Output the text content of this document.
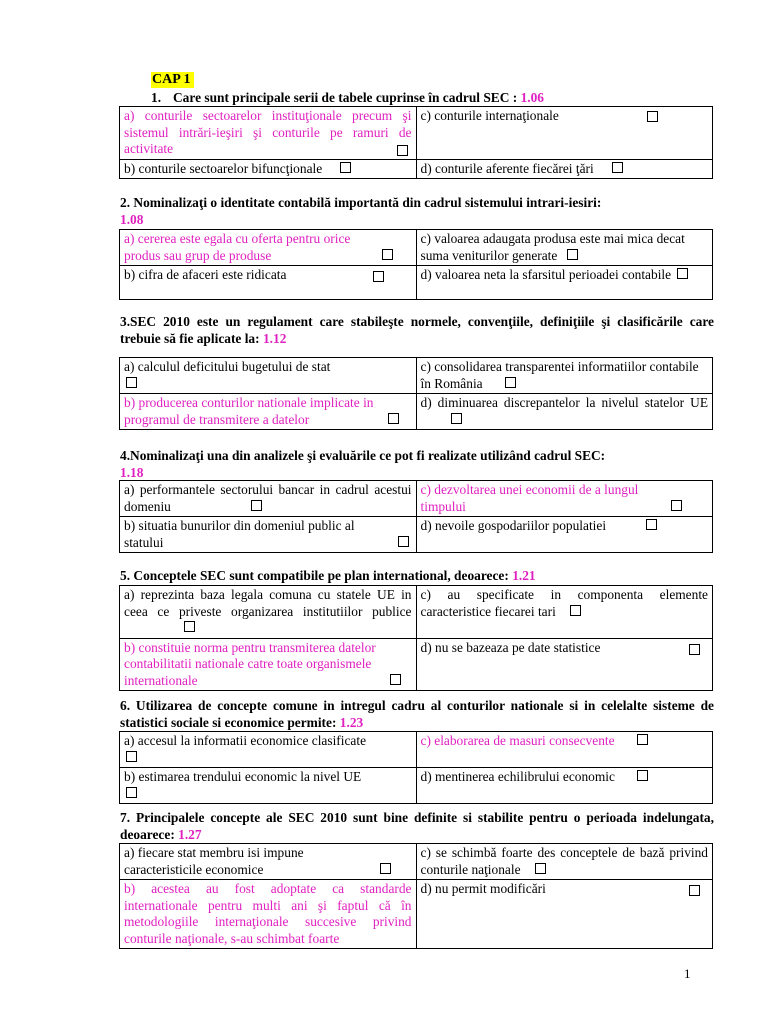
CAP 1
1. Care sunt principale serii de tabele cuprinse în cadrul SEC : 1.06
a) conturile sectoarelor instituţionale precum şi sistemul intrări-ieşiri şi conturile pe ramuri de activitate	c) conturile internaţionale

b) conturile sectoarelor bifuncţionale	d) conturile aferente fiecărei ţări
2. Nominalizaţi o identitate contabilă importantă din cadrul sistemului intrari-iesiri:
1.08
a) cererea este egala cu oferta pentru orice produs sau grup de produse	c) valoarea adaugata produsa este mai mica decat suma veniturilor generate
b) cifra de afaceri este ridicata	d) valoarea neta la sfarsitul perioadei contabile
3.SEC 2010 este un regulament care stabileşte normele, convenţiile, definiţiile şi clasificările care trebuie să fie aplicate la: 1.12
a) calculul deficitului bugetului de stat	c) consolidarea transparentei informatiilor contabile în România
b) producerea conturilor nationale implicate in programul de transmitere a datelor	d) diminuarea discrepantelor la nivelul statelor UE
4.Nominalizaţi una din analizele şi evaluările ce pot fi realizate utilizând cadrul SEC:
1.18
a) performantele sectorului bancar in cadrul acestui domeniu	c) dezvoltarea unei economii de a lungul timpului
b) situatia bunurilor din domeniul public al statului	d) nevoile gospodariilor populatiei
5. Conceptele SEC sunt compatibile pe plan international, deoarece: 1.21
a) reprezinta baza legala comuna cu statele UE in ceea ce priveste organizarea institutiilor publice	c) au specificate in componenta elemente caracteristice fiecarei tari
b) constituie norma pentru transmiterea datelor contabilitatii nationale catre toate organismele internationale	d) nu se bazeaza pe date statistice
6. Utilizarea de concepte comune in intregul cadru al conturilor nationale si in celelalte sisteme de statistici sociale si economice permite: 1.23
a) accesul la informatii economice clasificate	c) elaborarea de masuri consecvente
b) estimarea trendului economic la nivel UE	d) mentinerea echilibrului economic
7. Principalele concepte ale SEC 2010 sunt bine definite si stabilite pentru o perioada indelungata, deoarece: 1.27
a) fiecare stat membru isi impune caracteristicile economice	c) se schimbă foarte des conceptele de bază privind conturile naţionale
b) acestea au fost adoptate ca standarde internationale pentru multi ani şi faptul că în metodologiile internaţionale succesive privind conturile naţionale, s-au schimbat foarte	d) nu permit modificări
1
